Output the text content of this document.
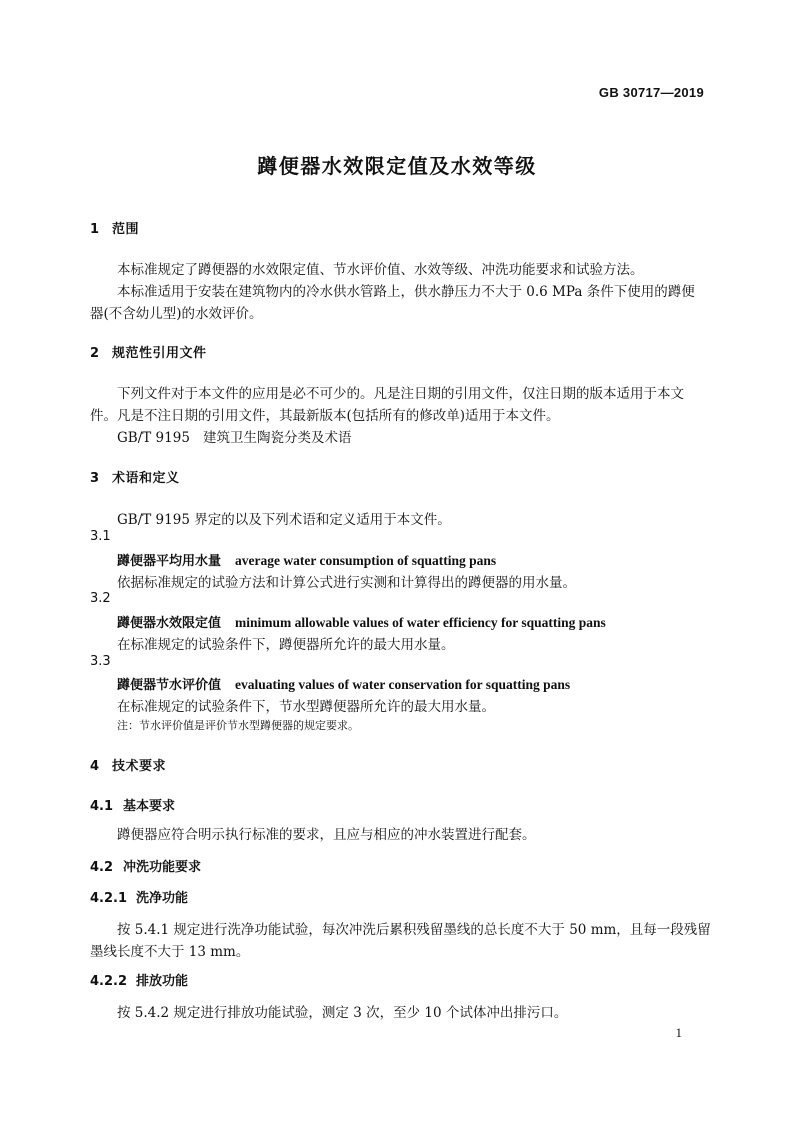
GB 30717—2019
蹲便器水效限定值及水效等级
1 范围
本标准规定了蹲便器的水效限定值、节水评价值、水效等级、冲洗功能要求和试验方法。
本标准适用于安装在建筑物内的冷水供水管路上，供水静压力不大于 0.6 MPa 条件下使用的蹲便
器(不含幼儿型)的水效评价。
2 规范性引用文件
下列文件对于本文件的应用是必不可少的。凡是注日期的引用文件，仅注日期的版本适用于本文
件。凡是不注日期的引用文件，其最新版本(包括所有的修改单)适用于本文件。
GB/T 9195 建筑卫生陶瓷分类及术语
3 术语和定义
GB/T 9195 界定的以及下列术语和定义适用于本文件。
3.1
蹲便器平均用水量 average water consumption of squatting pans
依据标准规定的试验方法和计算公式进行实测和计算得出的蹲便器的用水量。
3.2
蹲便器水效限定值 minimum allowable values of water efficiency for squatting pans
在标准规定的试验条件下，蹲便器所允许的最大用水量。
3.3
蹲便器节水评价值 evaluating values of water conservation for squatting pans
在标准规定的试验条件下，节水型蹲便器所允许的最大用水量。
注：节水评价值是评价节水型蹲便器的规定要求。
4 技术要求
4.1 基本要求
蹲便器应符合明示执行标准的要求，且应与相应的冲水装置进行配套。
4.2 冲洗功能要求
4.2.1 洗净功能
按 5.4.1 规定进行洗净功能试验，每次冲洗后累积残留墨线的总长度不大于 50 mm，且每一段残留
墨线长度不大于 13 mm。
4.2.2 排放功能
按 5.4.2 规定进行排放功能试验，测定 3 次，至少 10 个试体冲出排污口。
1
